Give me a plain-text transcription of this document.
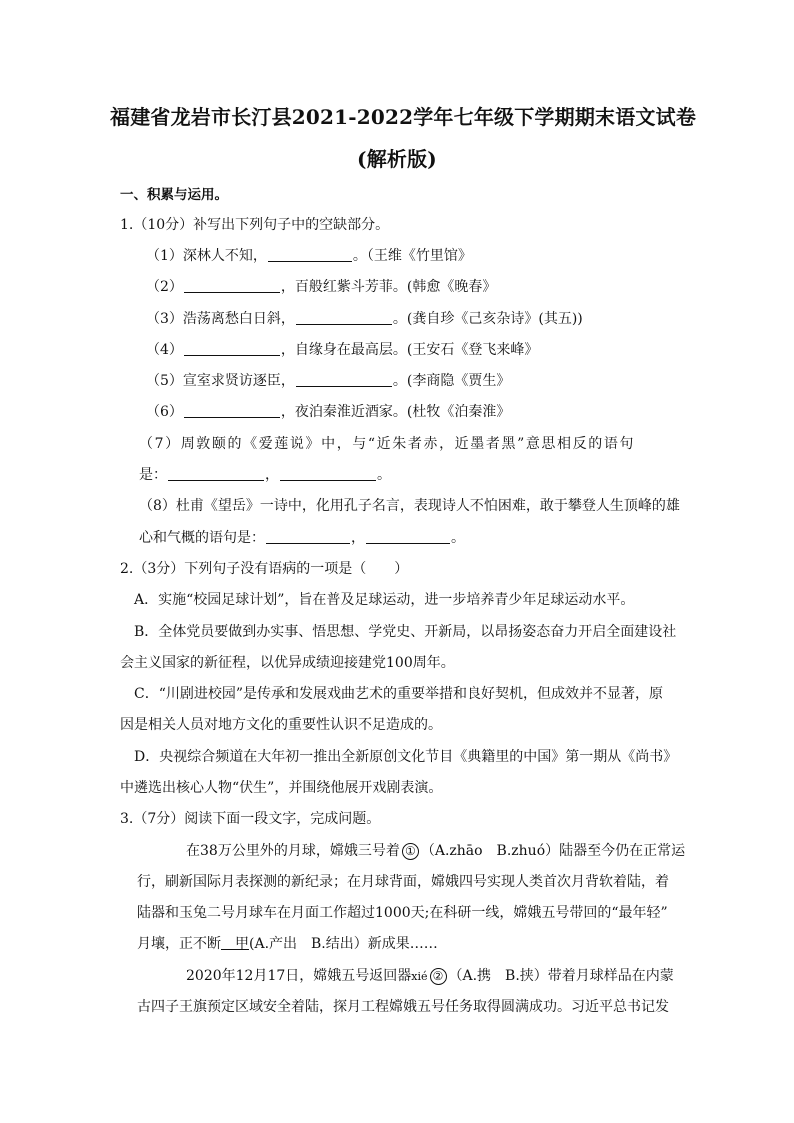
福建省龙岩市长汀县2021-2022学年七年级下学期期末语文试卷
(解析版)
一、积累与运用。
1.（10分）补写出下列句子中的空缺部分。
（1）深林人不知，	。（王维《竹里馆》
（2）	，百般红紫斗芳菲。(韩愈《晚春》
（3）浩荡离愁白日斜，	。(龚自珍《己亥杂诗》(其五))
（4）	，自缘身在最高层。(王安石《登飞来峰》
（5）宣室求贤访逐臣，	。(李商隐《贾生》
（6）	，夜泊秦淮近酒家。(杜牧《泊秦淮》
（7）周敦颐的《爱莲说》中，与“近朱者赤，近墨者黑”意思相反的语句
是：	，	。
（8）杜甫《望岳》一诗中，化用孔子名言，表现诗人不怕困难，敢于攀登人生顶峰的雄
心和气概的语句是：	，	。
2.（3分）下列句子没有语病的一项是（　　）
A．实施“校园足球计划”，旨在普及足球运动，进一步培养青少年足球运动水平。
B．全体党员要做到办实事、悟思想、学党史、开新局，以昂扬姿态奋力开启全面建设社
会主义国家的新征程，以优异成绩迎接建党100周年。
C．“川剧进校园”是传承和发展戏曲艺术的重要举措和良好契机，但成效并不显著，原
因是相关人员对地方文化的重要性认识不足造成的。
D．央视综合频道在大年初一推出全新原创文化节目《典籍里的中国》第一期从《尚书》
中遴选出核心人物“伏生”，并围绕他展开戏剧表演。
3.（7分）阅读下面一段文字，完成问题。
在38万公里外的月球，嫦娥三号着 ① （A.zhāo　B.zhuó）陆器至今仍在正常运
行，刷新国际月表探测的新纪录；在月球背面，嫦娥四号实现人类首次月背软着陆，着
陆器和玉兔二号月球车在月面工作超过1000天;在科研一线，嫦娥五号带回的“最年轻”
月壤，正不断　 甲(A.产出　B.结出）新成果……
2020年12月17日，嫦娥五号返回器xié ② （A.携　B.挟）带着月球样品在内蒙
古四子王旗预定区域安全着陆，探月工程嫦娥五号任务取得圆满成功。习近平总书记发
